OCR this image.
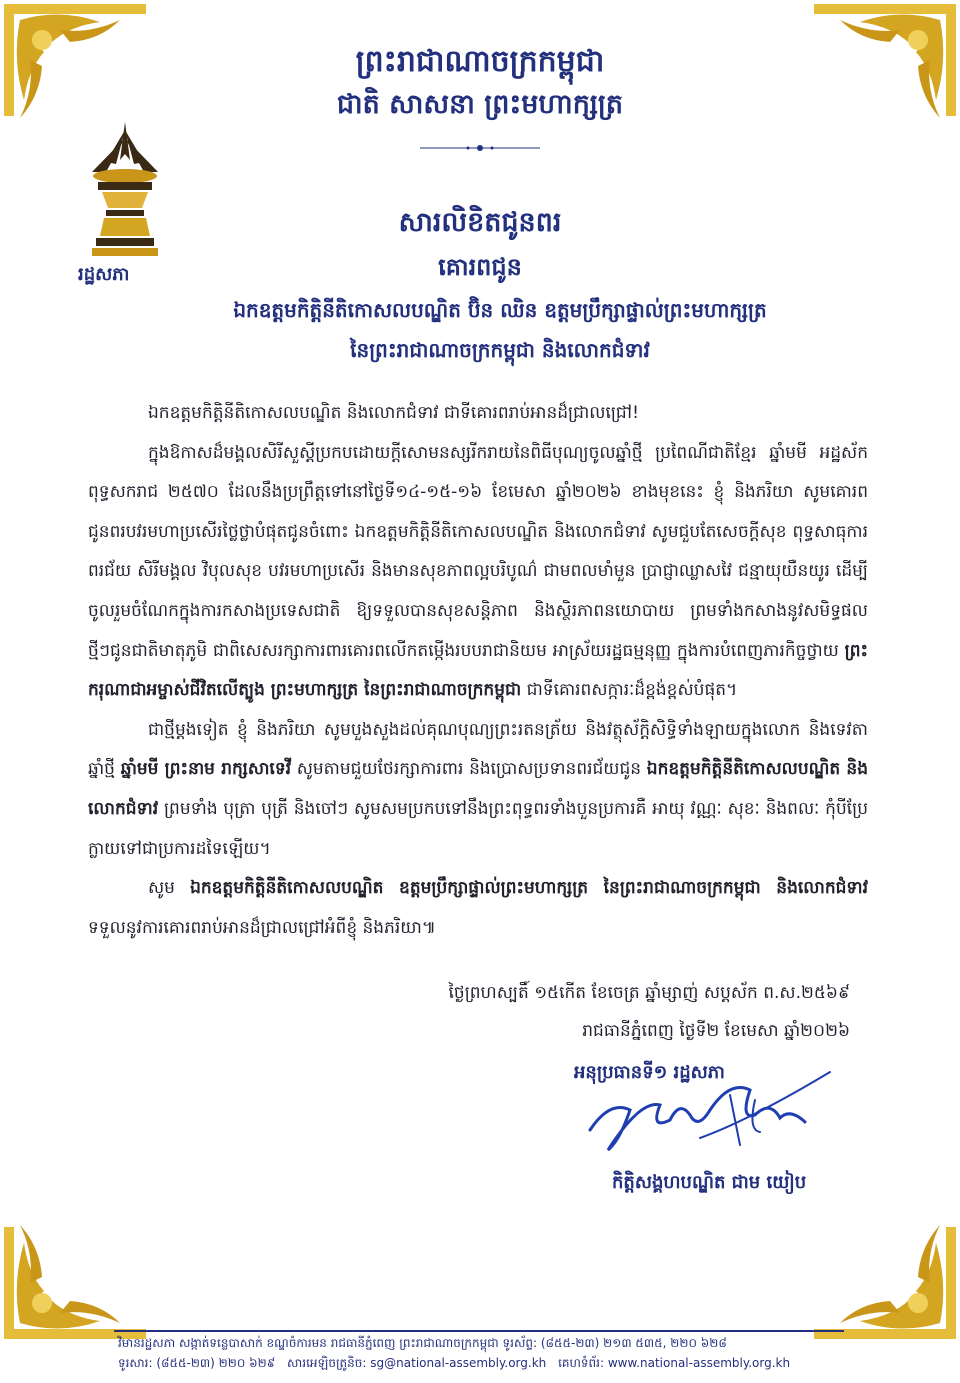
ព្រះរាជាណាចក្រកម្ពុជា
ជាតិ សាសនា ព្រះមហាក្សត្រ
រដ្ឋសភា
សារលិខិតជូនពរ
គោរពជូន
ឯកឧត្តមកិត្តិនីតិកោសលបណ្ឌិត ប៊ិន ឈិន ឧត្តមប្រឹក្សាផ្ទាល់ព្រះមហាក្សត្រ
នៃព្រះរាជាណាចក្រកម្ពុជា និងលោកជំទាវ

ឯកឧត្តមកិត្តិនីតិកោសលបណ្ឌិត និងលោកជំទាវ ជាទីគោរពរាប់អានដ៏ជ្រាលជ្រៅ!

ក្នុងឱកាសដ៏មង្គលសិរីសួស្តីប្រកបដោយក្តីសោមនស្សរីករាយនៃពិធីបុណ្យចូលឆ្នាំថ្មី ប្រពៃណីជាតិខ្មែរ ឆ្នាំមមី អដ្ឋស័ក ពុទ្ធសករាជ ២៥៧០ ដែលនឹងប្រព្រឹត្តទៅនៅថ្ងៃទី១៤-១៥-១៦ ខែមេសា ឆ្នាំ២០២៦ ខាងមុខនេះ ខ្ញុំ និងភរិយា សូមគោរពជូនពរបវរមហាប្រសើរថ្លៃថ្លាបំផុតជូនចំពោះ ឯកឧត្តមកិត្តិនីតិកោសលបណ្ឌិត និងលោកជំទាវ សូមជួបតែសេចក្តីសុខ ពុទ្ធសាធុការពរជ័យ សិរីមង្គល វិបុលសុខ បវរមហាប្រសើរ និងមានសុខភាពល្អបរិបូណ៌ ជាមពលមាំមួន ប្រាជ្ញាឈ្លាសវៃ ជន្មាយុយឺនយូរ ដើម្បីចូលរួមចំណែកក្នុងការកសាងប្រទេសជាតិ ឱ្យទទួលបានសុខសន្តិភាព និងស្ថិរភាពនយោបាយ ព្រមទាំងកសាងនូវសមិទ្ធផលថ្មីៗជូនជាតិមាតុភូមិ ជាពិសេសរក្សាការពារគោរពលើកតម្កើងរបបរាជានិយម អាស្រ័យរដ្ឋធម្មនុញ្ញ ក្នុងការបំពេញភារកិច្ចថ្វាយ ព្រះករុណាជាអម្ចាស់ជីវិតលើត្បូង ព្រះមហាក្សត្រ នៃព្រះរាជាណាចក្រកម្ពុជា ជាទីគោរពសក្ការៈដ៏ខ្ពង់ខ្ពស់បំផុត។

ជាថ្មីម្តងទៀត ខ្ញុំ និងភរិយា សូមបួងសួងដល់គុណបុណ្យព្រះរតនត្រ័យ និងវត្ថុស័ក្តិសិទ្ធិទាំងឡាយក្នុងលោក និងទេវតាឆ្នាំថ្មី ឆ្នាំមមី ព្រះនាម រាក្សសាទេវី សូមតាមជួយថែរក្សាការពារ និងប្រោសប្រទានពរជ័យជូន ឯកឧត្តមកិត្តិនីតិកោសលបណ្ឌិត និងលោកជំទាវ ព្រមទាំង បុត្រា បុត្រី និងចៅៗ សូមសមប្រកបទៅនឹងព្រះពុទ្ធពរទាំងបួនប្រការគឺ អាយុ វណ្ណៈ សុខៈ និងពលៈ កុំបីប្រែក្លាយទៅជាប្រការដទៃឡើយ។

សូម ឯកឧត្តមកិត្តិនីតិកោសលបណ្ឌិត ឧត្តមប្រឹក្សាផ្ទាល់ព្រះមហាក្សត្រ នៃព្រះរាជាណាចក្រកម្ពុជា និងលោកជំទាវ ទទួលនូវការគោរពរាប់អានដ៏ជ្រាលជ្រៅអំពីខ្ញុំ និងភរិយា៕

ថ្ងៃព្រហស្បតិ៍ ១៥កើត ខែចេត្រ ឆ្នាំម្សាញ់ សប្តស័ក ព.ស.២៥៦៩
រាជធានីភ្នំពេញ ថ្ងៃទី២ ខែមេសា ឆ្នាំ២០២៦
អនុប្រធានទី១ រដ្ឋសភា
កិត្តិសង្គហបណ្ឌិត ជាម យៀប
វិមានរដ្ឋសភា សង្កាត់ទន្លេបាសាក់ ខណ្ឌចំការមន រាជធានីភ្នំពេញ ព្រះរាជាណាចក្រកម្ពុជា ទូរស័ព្ទ: (៨៥៥-២៣) ២១៣ ៥៣៥, ២២០ ៦២៨
ទូរសារ: (៨៥៥-២៣) ២២០ ៦២៩ សារអេឡិចត្រូនិច: sg@national-assembly.org.kh គេហទំព័រ: www.national-assembly.org.kh
